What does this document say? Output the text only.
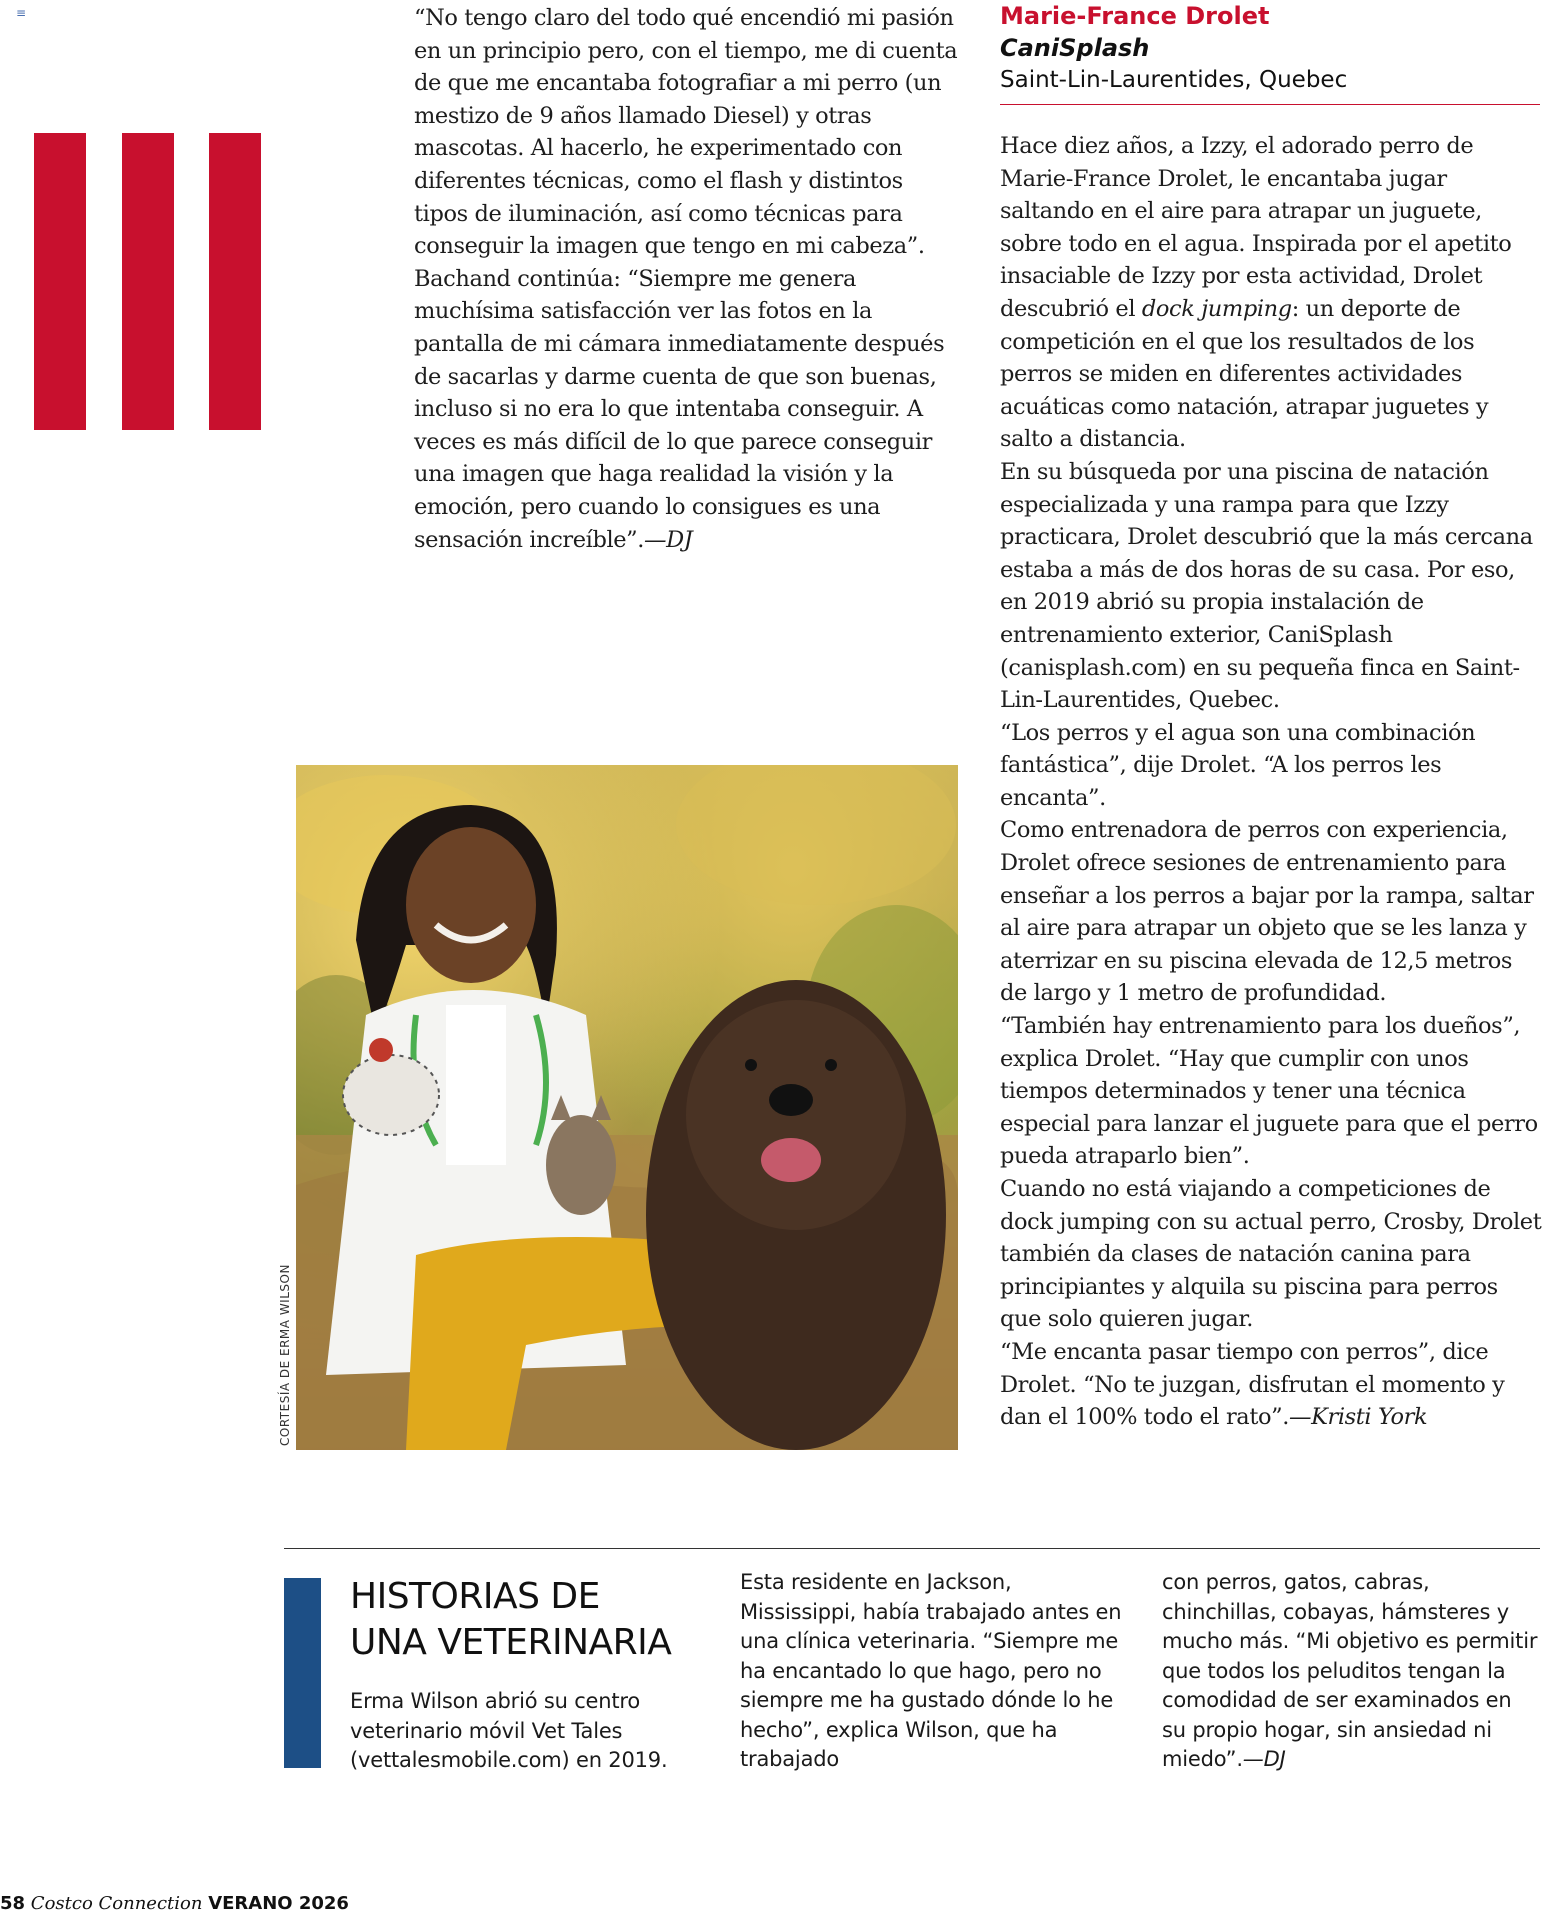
≡	“No tengo claro del todo qué encendió mi pasión en un principio pero, con el tiempo, me di cuenta de que me encantaba fotografiar a mi perro (un mestizo de 9 años llamado Diesel) y otras mascotas. Al hacerlo, he experimentado con diferentes técnicas, como el flash y distintos tipos de iluminación, así como técnicas para conseguir la imagen que tengo en mi cabeza”.

Bachand continúa: “Siempre me genera muchísima satisfacción ver las fotos en la pantalla de mi cámara inmediatamente después de sacarlas y darme cuenta de que son buenas, incluso si no era lo que intentaba conseguir. A veces es más difícil de lo que parece conseguir una imagen que haga realidad la visión y la emoción, pero cuando lo consigues es una sensación increíble”.—DJ

CORTESÍA DE ERMA WILSON
Marie-France Drolet
CaniSplash
Saint-Lin-Laurentides, Quebec

Hace diez años, a Izzy, el adorado perro de Marie-France Drolet, le encantaba jugar saltando en el aire para atrapar un juguete, sobre todo en el agua. Inspirada por el apetito insaciable de Izzy por esta actividad, Drolet descubrió el dock jumping: un deporte de competición en el que los resultados de los perros se miden en diferentes actividades acuáticas como natación, atrapar juguetes y salto a distancia.

En su búsqueda por una piscina de natación especializada y una rampa para que Izzy practicara, Drolet descubrió que la más cercana estaba a más de dos horas de su casa. Por eso, en 2019 abrió su propia instalación de entrenamiento exterior, CaniSplash (canisplash.com) en su pequeña finca en Saint-Lin-Laurentides, Quebec.

“Los perros y el agua son una combinación fantástica”, dije Drolet. “A los perros les encanta”.

Como entrenadora de perros con experiencia, Drolet ofrece sesiones de entrenamiento para enseñar a los perros a bajar por la rampa, saltar al aire para atrapar un objeto que se les lanza y aterrizar en su piscina elevada de 12,5 metros de largo y 1 metro de profundidad.

“También hay entrenamiento para los dueños”, explica Drolet. “Hay que cumplir con unos tiempos determinados y tener una técnica especial para lanzar el juguete para que el perro pueda atraparlo bien”.

Cuando no está viajando a competiciones de dock jumping con su actual perro, Crosby, Drolet también da clases de natación canina para principiantes y alquila su piscina para perros que solo quieren jugar.

“Me encanta pasar tiempo con perros”, dice Drolet. “No te juzgan, disfrutan el momento y dan el 100% todo el rato”.—Kristi York

HISTORIAS DE
UNA VETERINARIA

Erma Wilson abrió su centro veterinario móvil Vet Tales (vettalesmobile.com) en 2019.

Esta residente en Jackson, Mississippi, había trabajado antes en una clínica veterinaria. “Siempre me ha encantado lo que hago, pero no siempre me ha gustado dónde lo he hecho”, explica Wilson, que ha trabajado

con perros, gatos, cabras, chinchillas, cobayas, hámsteres y mucho más. “Mi objetivo es permitir que todos los peluditos tengan la comodidad de ser examinados en su propio hogar, sin ansiedad ni miedo”.—DJ

58 Costco Connection VERANO 2026
